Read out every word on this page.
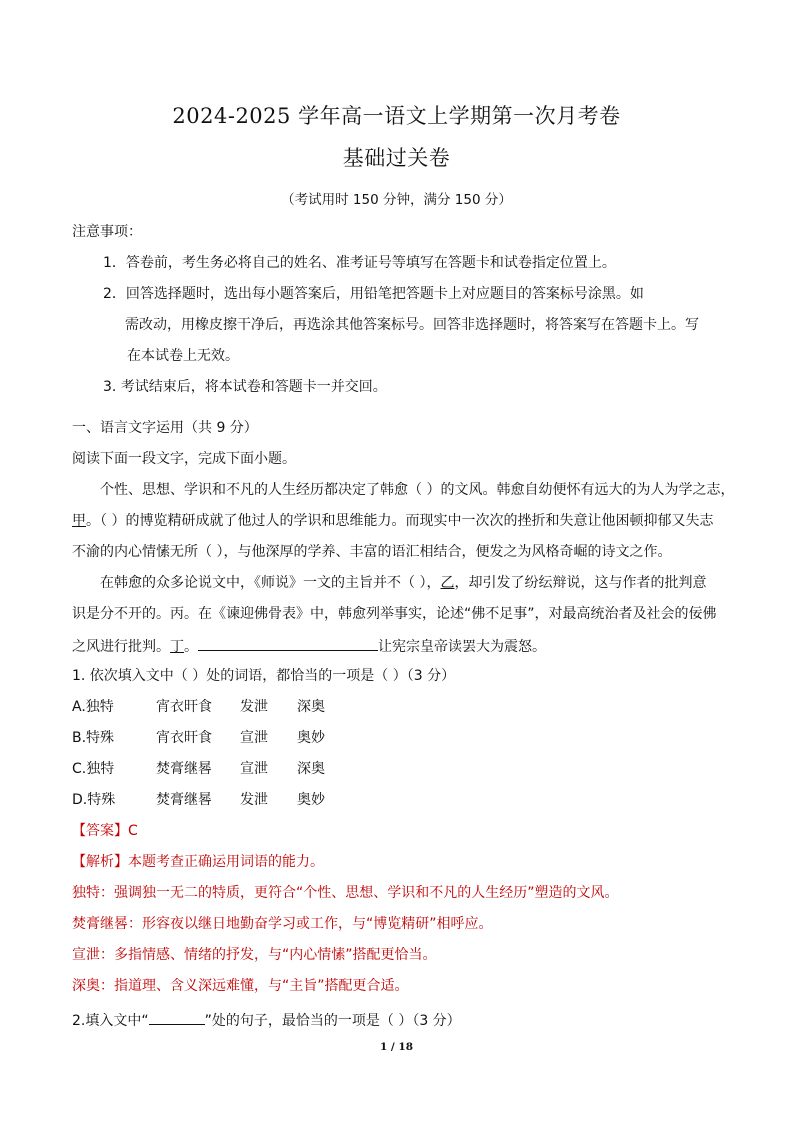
2024-2025 学年高一语文上学期第一次月考卷
基础过关卷
（考试用时 150 分钟，满分 150 分）
注意事项：
1．答卷前，考生务必将自己的姓名、准考证号等填写在答题卡和试卷指定位置上。
2．回答选择题时，选出每小题答案后，用铅笔把答题卡上对应题目的答案标号涂黑。如
需改动，用橡皮擦干净后，再选涂其他答案标号。回答非选择题时，将答案写在答题卡上。写
在本试卷上无效。
3. 考试结束后，将本试卷和答题卡一并交回。
一、语言文字运用（共 9 分）
阅读下面一段文字，完成下面小题。
个性、思想、学识和不凡的人生经历都决定了韩愈（ ）的文风。韩愈自幼便怀有远大的为人为学之志，
甲。（ ）的博览精研成就了他过人的学识和思维能力。而现实中一次次的挫折和失意让他困顿抑郁又失志
不渝的内心情愫无所（ ），与他深厚的学养、丰富的语汇相结合，便发之为风格奇崛的诗文之作。
在韩愈的众多论说文中，《师说》一文的主旨并不（ ），乙，却引发了纷纭辩说，这与作者的批判意
识是分不开的。丙。在《谏迎佛骨表》中，韩愈列举事实，论述“佛不足事”，对最高统治者及社会的佞佛
之风进行批判。丁。	让宪宗皇帝读罢大为震怒。
1. 依次填入文中（ ）处的词语，都恰当的一项是（ ）（3 分）
A.独特	宵衣旰食 发泄 深奥
B.特殊	宵衣旰食 宣泄 奥妙
C.独特	焚膏继晷 宣泄 深奥
D.特殊	焚膏继晷 发泄 奥妙
【答案】C
【解析】本题考查正确运用词语的能力。
独特：强调独一无二的特质，更符合“个性、思想、学识和不凡的人生经历”塑造的文风。
焚膏继晷：形容夜以继日地勤奋学习或工作，与“博览精研”相呼应。
宣泄：多指情感、情绪的抒发，与“内心情愫”搭配更恰当。
深奥：指道理、含义深远难懂，与“主旨”搭配更合适。
2.填入文中“	”处的句子，最恰当的一项是（ ）（3 分）
1 / 18
